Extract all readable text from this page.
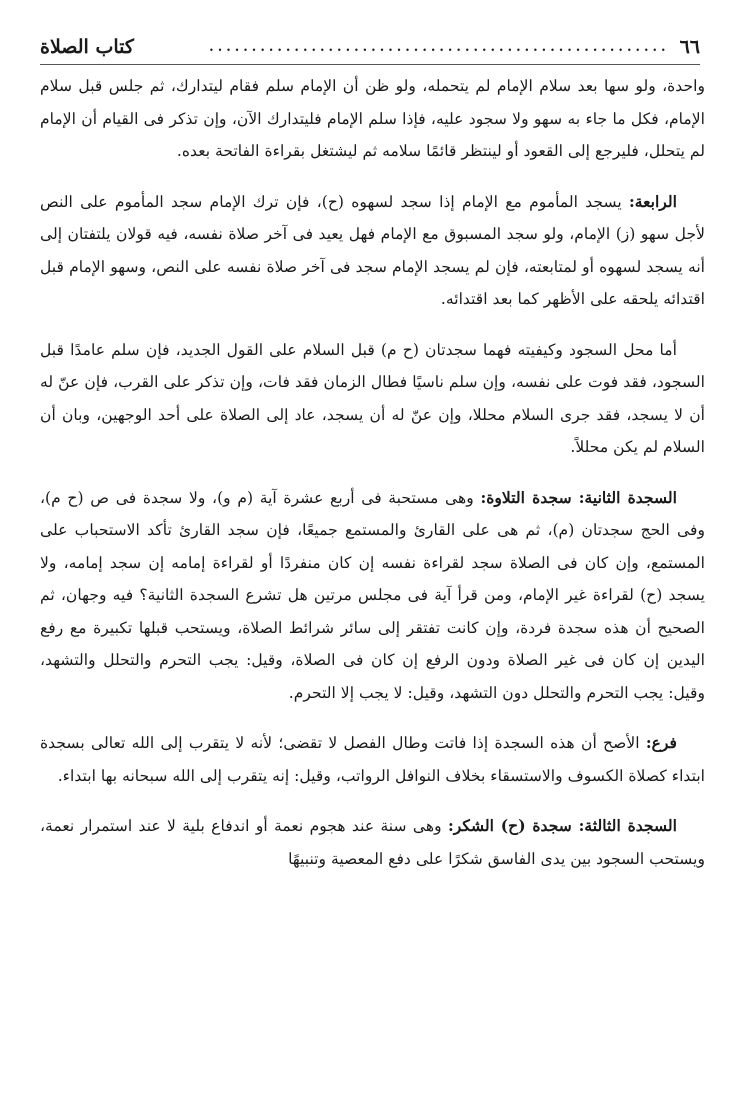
٦٦
......................................................
كتاب الصلاة

واحدة، ولو سها بعد سلام الإمام لم يتحمله، ولو ظن أن الإمام سلم فقام ليتدارك، ثم جلس قبل سلام الإمام، فكل ما جاء به سهو ولا سجود عليه، فإذا سلم الإمام فليتدارك الآن، وإن تذكر فى القيام أن الإمام لم يتحلل، فليرجع إلى القعود أو لينتظر قائمًا سلامه ثم ليشتغل بقراءة الفاتحة بعده.

الرابعة: يسجد المأموم مع الإمام إذا سجد لسهوه (ح)، فإن ترك الإمام سجد المأموم على النص لأجل سهو (ز) الإمام، ولو سجد المسبوق مع الإمام فهل يعيد فى آخر صلاة نفسه، فيه قولان يلتفتان إلى أنه يسجد لسهوه أو لمتابعته، فإن لم يسجد الإمام سجد فى آخر صلاة نفسه على النص، وسهو الإمام قبل اقتدائه يلحقه على الأظهر كما بعد اقتدائه.

أما محل السجود وكيفيته فهما سجدتان (ح م) قبل السلام على القول الجديد، فإن سلم عامدًا قبل السجود، فقد فوت على نفسه، وإن سلم ناسيًا فطال الزمان فقد فات، وإن تذكر على القرب، فإن عنّ له أن لا يسجد، فقد جرى السلام محللا، وإن عنّ له أن يسجد، عاد إلى الصلاة على أحد الوجهين، وبان أن السلام لم يكن محللاً.

السجدة الثانية: سجدة التلاوة: وهى مستحبة فى أربع عشرة آية (م و)، ولا سجدة فى ص (ح م)، وفى الحج سجدتان (م)، ثم هى على القارئ والمستمع جميعًا، فإن سجد القارئ تأكد الاستحباب على المستمع، وإن كان فى الصلاة سجد لقراءة نفسه إن كان منفردًا أو لقراءة إمامه إن سجد إمامه، ولا يسجد (ح) لقراءة غير الإمام، ومن قرأ آية فى مجلس مرتين هل تشرع السجدة الثانية؟ فيه وجهان، ثم الصحيح أن هذه سجدة فردة، وإن كانت تفتقر إلى سائر شرائط الصلاة، ويستحب قبلها تكبيرة مع رفع اليدين إن كان فى غير الصلاة ودون الرفع إن كان فى الصلاة، وقيل: يجب التحرم والتحلل والتشهد، وقيل: يجب التحرم والتحلل دون التشهد، وقيل: لا يجب إلا التحرم.

فرع: الأصح أن هذه السجدة إذا فاتت وطال الفصل لا تقضى؛ لأنه لا يتقرب إلى الله تعالى بسجدة ابتداء كصلاة الكسوف والاستسقاء بخلاف النوافل الرواتب، وقيل: إنه يتقرب إلى الله سبحانه بها ابتداء.

السجدة الثالثة: سجدة (ح) الشكر: وهى سنة عند هجوم نعمة أو اندفاع بلية لا عند استمرار نعمة، ويستحب السجود بين يدى الفاسق شكرًا على دفع المعصية وتنبيهًا
